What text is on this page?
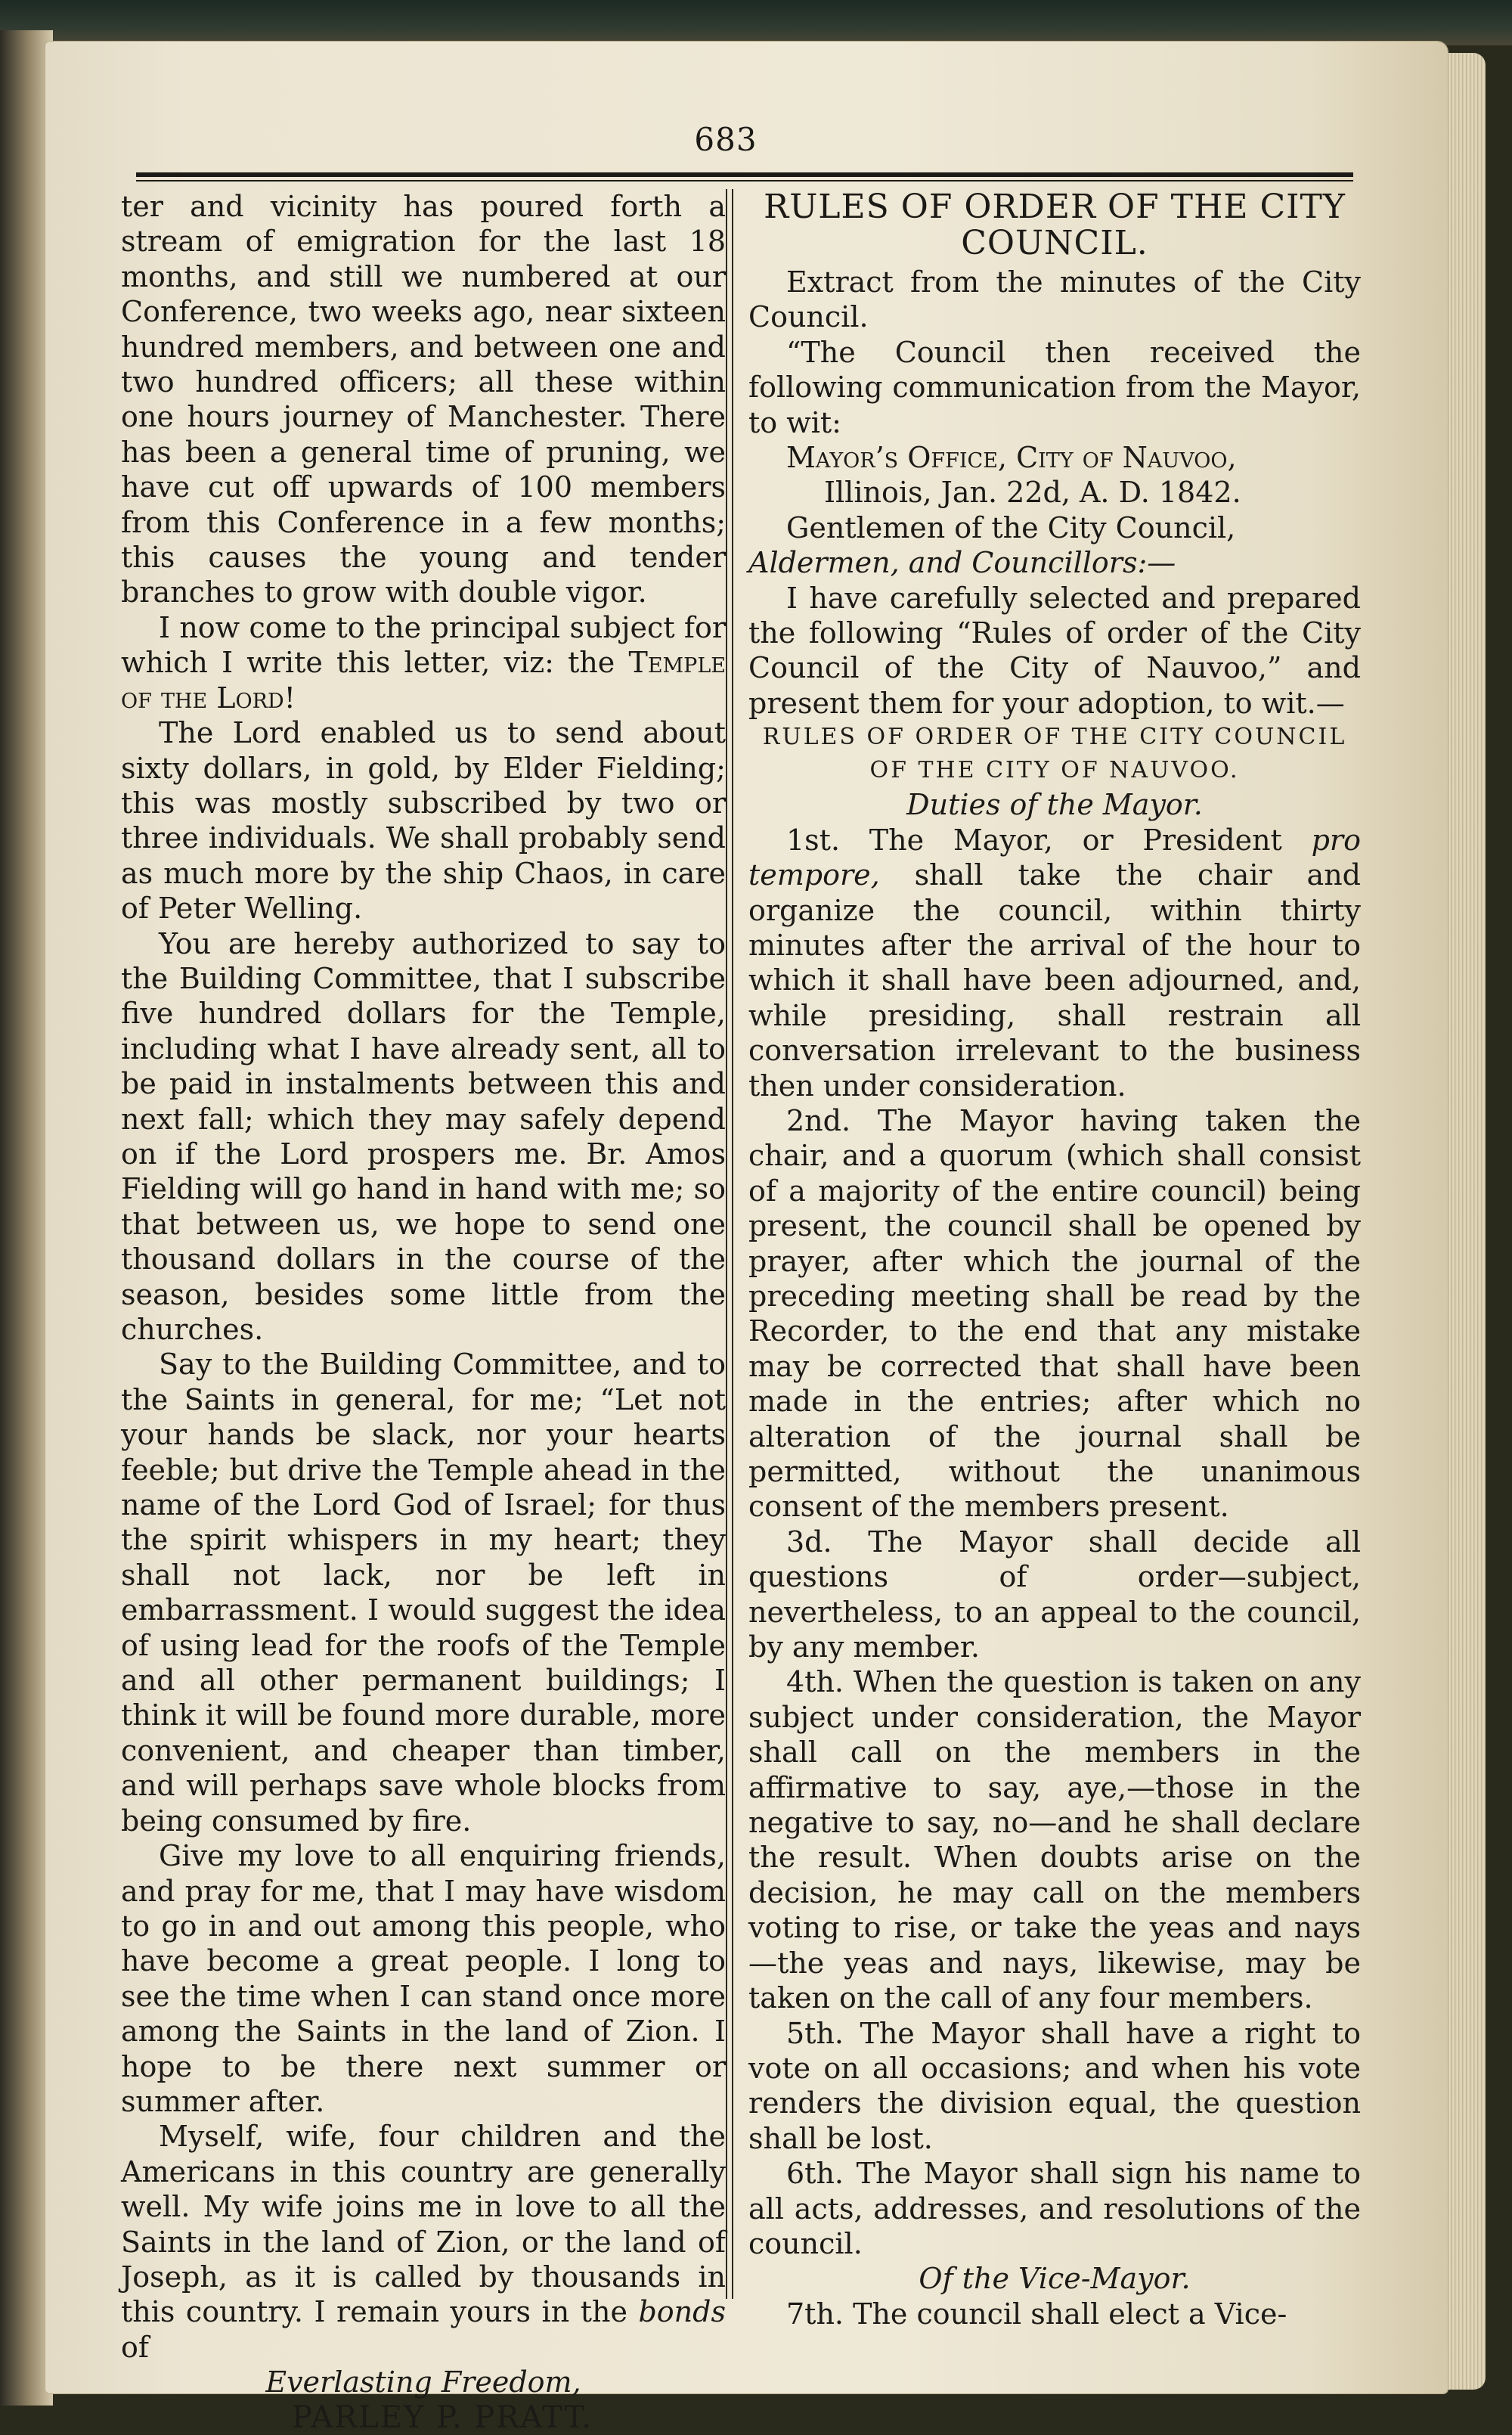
683

ter and vicinity has poured forth a stream of emigration for the last 18 months, and still we numbered at our Conference, two weeks ago, near sixteen hundred members, and between one and two hundred officers; all these within one hours journey of Manchester. There has been a general time of pruning, we have cut off upwards of 100 members from this Conference in a few months; this causes the young and tender branches to grow with double vigor.

I now come to the principal subject for which I write this letter, viz: the Temple of the Lord!

The Lord enabled us to send about sixty dollars, in gold, by Elder Fielding; this was mostly subscribed by two or three individuals. We shall probably send as much more by the ship Chaos, in care of Peter Welling.

You are hereby authorized to say to the Building Committee, that I subscribe five hundred dollars for the Temple, including what I have already sent, all to be paid in instalments between this and next fall; which they may safely depend on if the Lord prospers me. Br. Amos Fielding will go hand in hand with me; so that between us, we hope to send one thousand dollars in the course of the season, besides some little from the churches.

Say to the Building Committee, and to the Saints in general, for me; “Let not your hands be slack, nor your hearts feeble; but drive the Temple ahead in the name of the Lord God of Israel; for thus the spirit whispers in my heart; they shall not lack, nor be left in embarrassment. I would suggest the idea of using lead for the roofs of the Temple and all other permanent buildings; I think it will be found more durable, more convenient, and cheaper than timber, and will perhaps save whole blocks from being consumed by fire.

Give my love to all enquiring friends, and pray for me, that I may have wisdom to go in and out among this people, who have become a great people. I long to see the time when I can stand once more among the Saints in the land of Zion. I hope to be there next summer or summer after.

Myself, wife, four children and the Americans in this country are generally well. My wife joins me in love to all the Saints in the land of Zion, or the land of Joseph, as it is called by thousands in this country. I remain yours in the bonds of

Everlasting Freedom,

PARLEY P. PRATT.

RULES OF ORDER OF THE CITY COUNCIL.

Extract from the minutes of the City Council.

“The Council then received the following communication from the Mayor, to wit:

Mayor’s Office, City of Nauvoo,

Illinois, Jan. 22d, A. D. 1842.

Gentlemen of the City Council,

Aldermen, and Councillors:—

I have carefully selected and prepared the following “Rules of order of the City Council of the City of Nauvoo,” and present them for your adoption, to wit.—

RULES OF ORDER OF THE CITY COUNCIL OF THE CITY OF NAUVOO.

Duties of the Mayor.

1st. The Mayor, or President pro tempore, shall take the chair and organize the council, within thirty minutes after the arrival of the hour to which it shall have been adjourned, and, while presiding, shall restrain all conversation irrelevant to the business then under consideration.

2nd. The Mayor having taken the chair, and a quorum (which shall consist of a majority of the entire council) being present, the council shall be opened by prayer, after which the journal of the preceding meeting shall be read by the Recorder, to the end that any mistake may be corrected that shall have been made in the entries; after which no alteration of the journal shall be permitted, without the unanimous consent of the members present.

3d. The Mayor shall decide all questions of order—subject, nevertheless, to an appeal to the council, by any member.

4th. When the question is taken on any subject under consideration, the Mayor shall call on the members in the affirmative to say, aye,—those in the negative to say, no—and he shall declare the result. When doubts arise on the decision, he may call on the members voting to rise, or take the yeas and nays—the yeas and nays, likewise, may be taken on the call of any four members.

5th. The Mayor shall have a right to vote on all occasions; and when his vote renders the division equal, the question shall be lost.

6th. The Mayor shall sign his name to all acts, addresses, and resolutions of the council.

Of the Vice-Mayor.

7th. The council shall elect a Vice-
